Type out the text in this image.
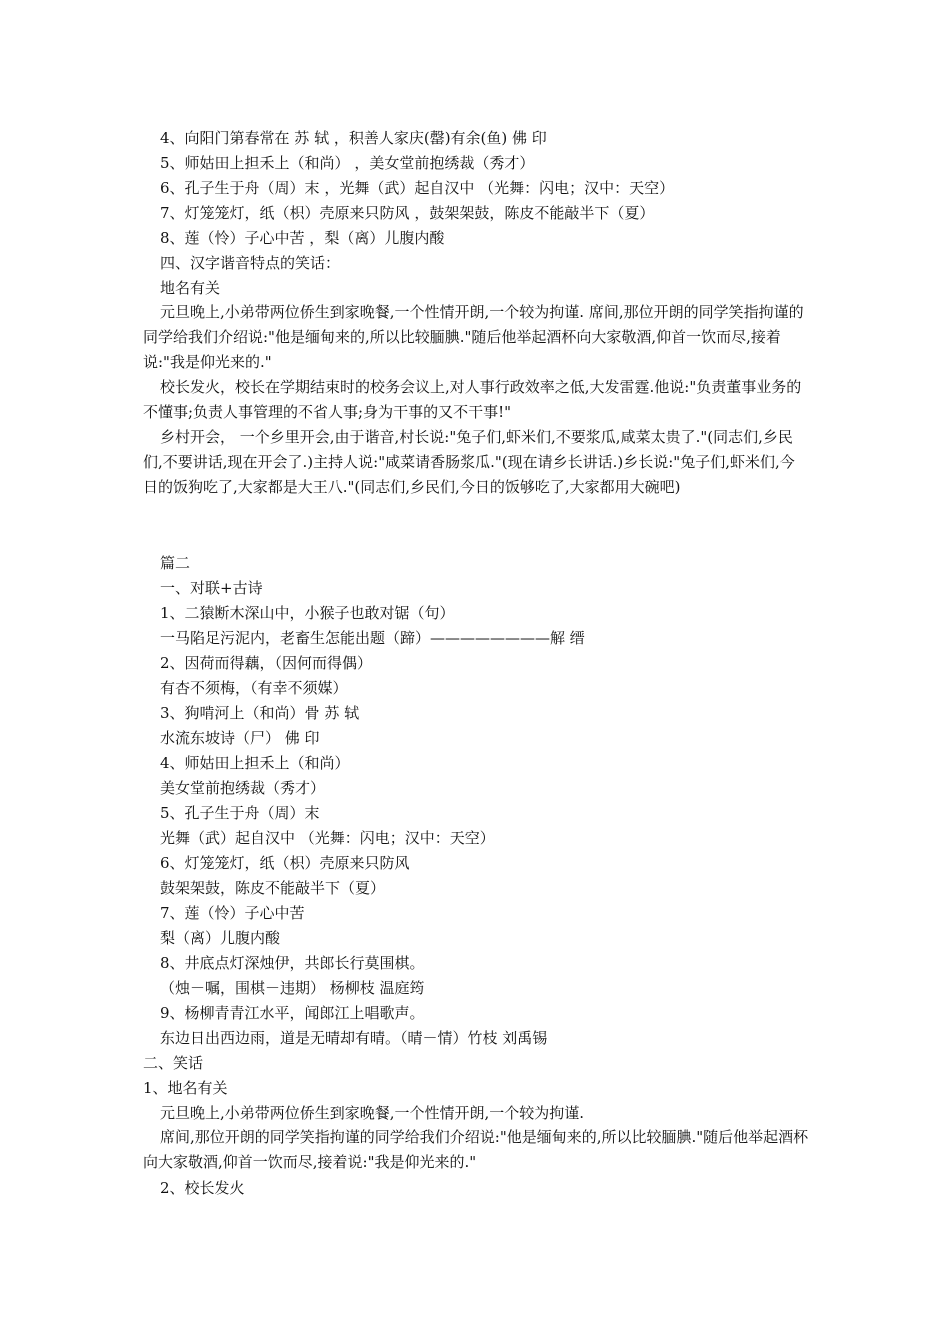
4、向阳门第春常在 苏 轼 ，积善人家庆(罄)有余(鱼) 佛 印
5、师姑田上担禾上（和尚） ，美女堂前抱绣裁（秀才）
6、孔子生于舟（周）末 ，光舞（武）起自汉中 （光舞：闪电；汉中：天空）
7、灯笼笼灯，纸（枳）壳原来只防风 ，鼓架架鼓，陈皮不能敲半下（夏）
8、莲（怜）子心中苦 ，梨（离）儿腹内酸
四、汉字谐音特点的笑话：
地名有关
元旦晚上,小弟带两位侨生到家晚餐,一个性情开朗,一个较为拘谨. 席间,那位开朗的同学笑指拘谨的同学给我们介绍说:"他是缅甸来的,所以比较腼腆."随后他举起酒杯向大家敬酒,仰首一饮而尽,接着说:"我是仰光来的."
校长发火，校长在学期结束时的校务会议上,对人事行政效率之低,大发雷霆.他说:"负责董事业务的不懂事;负责人事管理的不省人事;身为干事的又不干事!"
乡村开会， 一个乡里开会,由于谐音,村长说:"兔子们,虾米们,不要浆瓜,咸菜太贵了."(同志们,乡民们,不要讲话,现在开会了.)主持人说:"咸菜请香肠浆瓜."(现在请乡长讲话.)乡长说:"兔子们,虾米们,今日的饭狗吃了,大家都是大王八."(同志们,乡民们,今日的饭够吃了,大家都用大碗吧)
篇二
一、对联+古诗
1、二猿断木深山中，小猴子也敢对锯（句）
一马陷足污泥内，老畜生怎能出题（蹄）————————解 缙
2、因荷而得藕，（因何而得偶）
有杏不须梅，（有幸不须媒）
3、狗啃河上（和尚）骨 苏 轼
水流东坡诗（尸） 佛 印
4、师姑田上担禾上（和尚）
美女堂前抱绣裁（秀才）
5、孔子生于舟（周）末
光舞（武）起自汉中 （光舞：闪电；汉中：天空）
6、灯笼笼灯，纸（枳）壳原来只防风
鼓架架鼓，陈皮不能敲半下（夏）
7、莲（怜）子心中苦
梨（离）儿腹内酸
8、井底点灯深烛伊，共郎长行莫围棋。
（烛－嘱，围棋－违期） 杨柳枝 温庭筠
9、杨柳青青江水平，闻郎江上唱歌声。
东边日出西边雨，道是无晴却有晴。（晴－情）竹枝 刘禹锡
二、笑话
1、地名有关
元旦晚上,小弟带两位侨生到家晚餐,一个性情开朗,一个较为拘谨.
席间,那位开朗的同学笑指拘谨的同学给我们介绍说:"他是缅甸来的,所以比较腼腆."随后他举起酒杯向大家敬酒,仰首一饮而尽,接着说:"我是仰光来的."
2、校长发火
